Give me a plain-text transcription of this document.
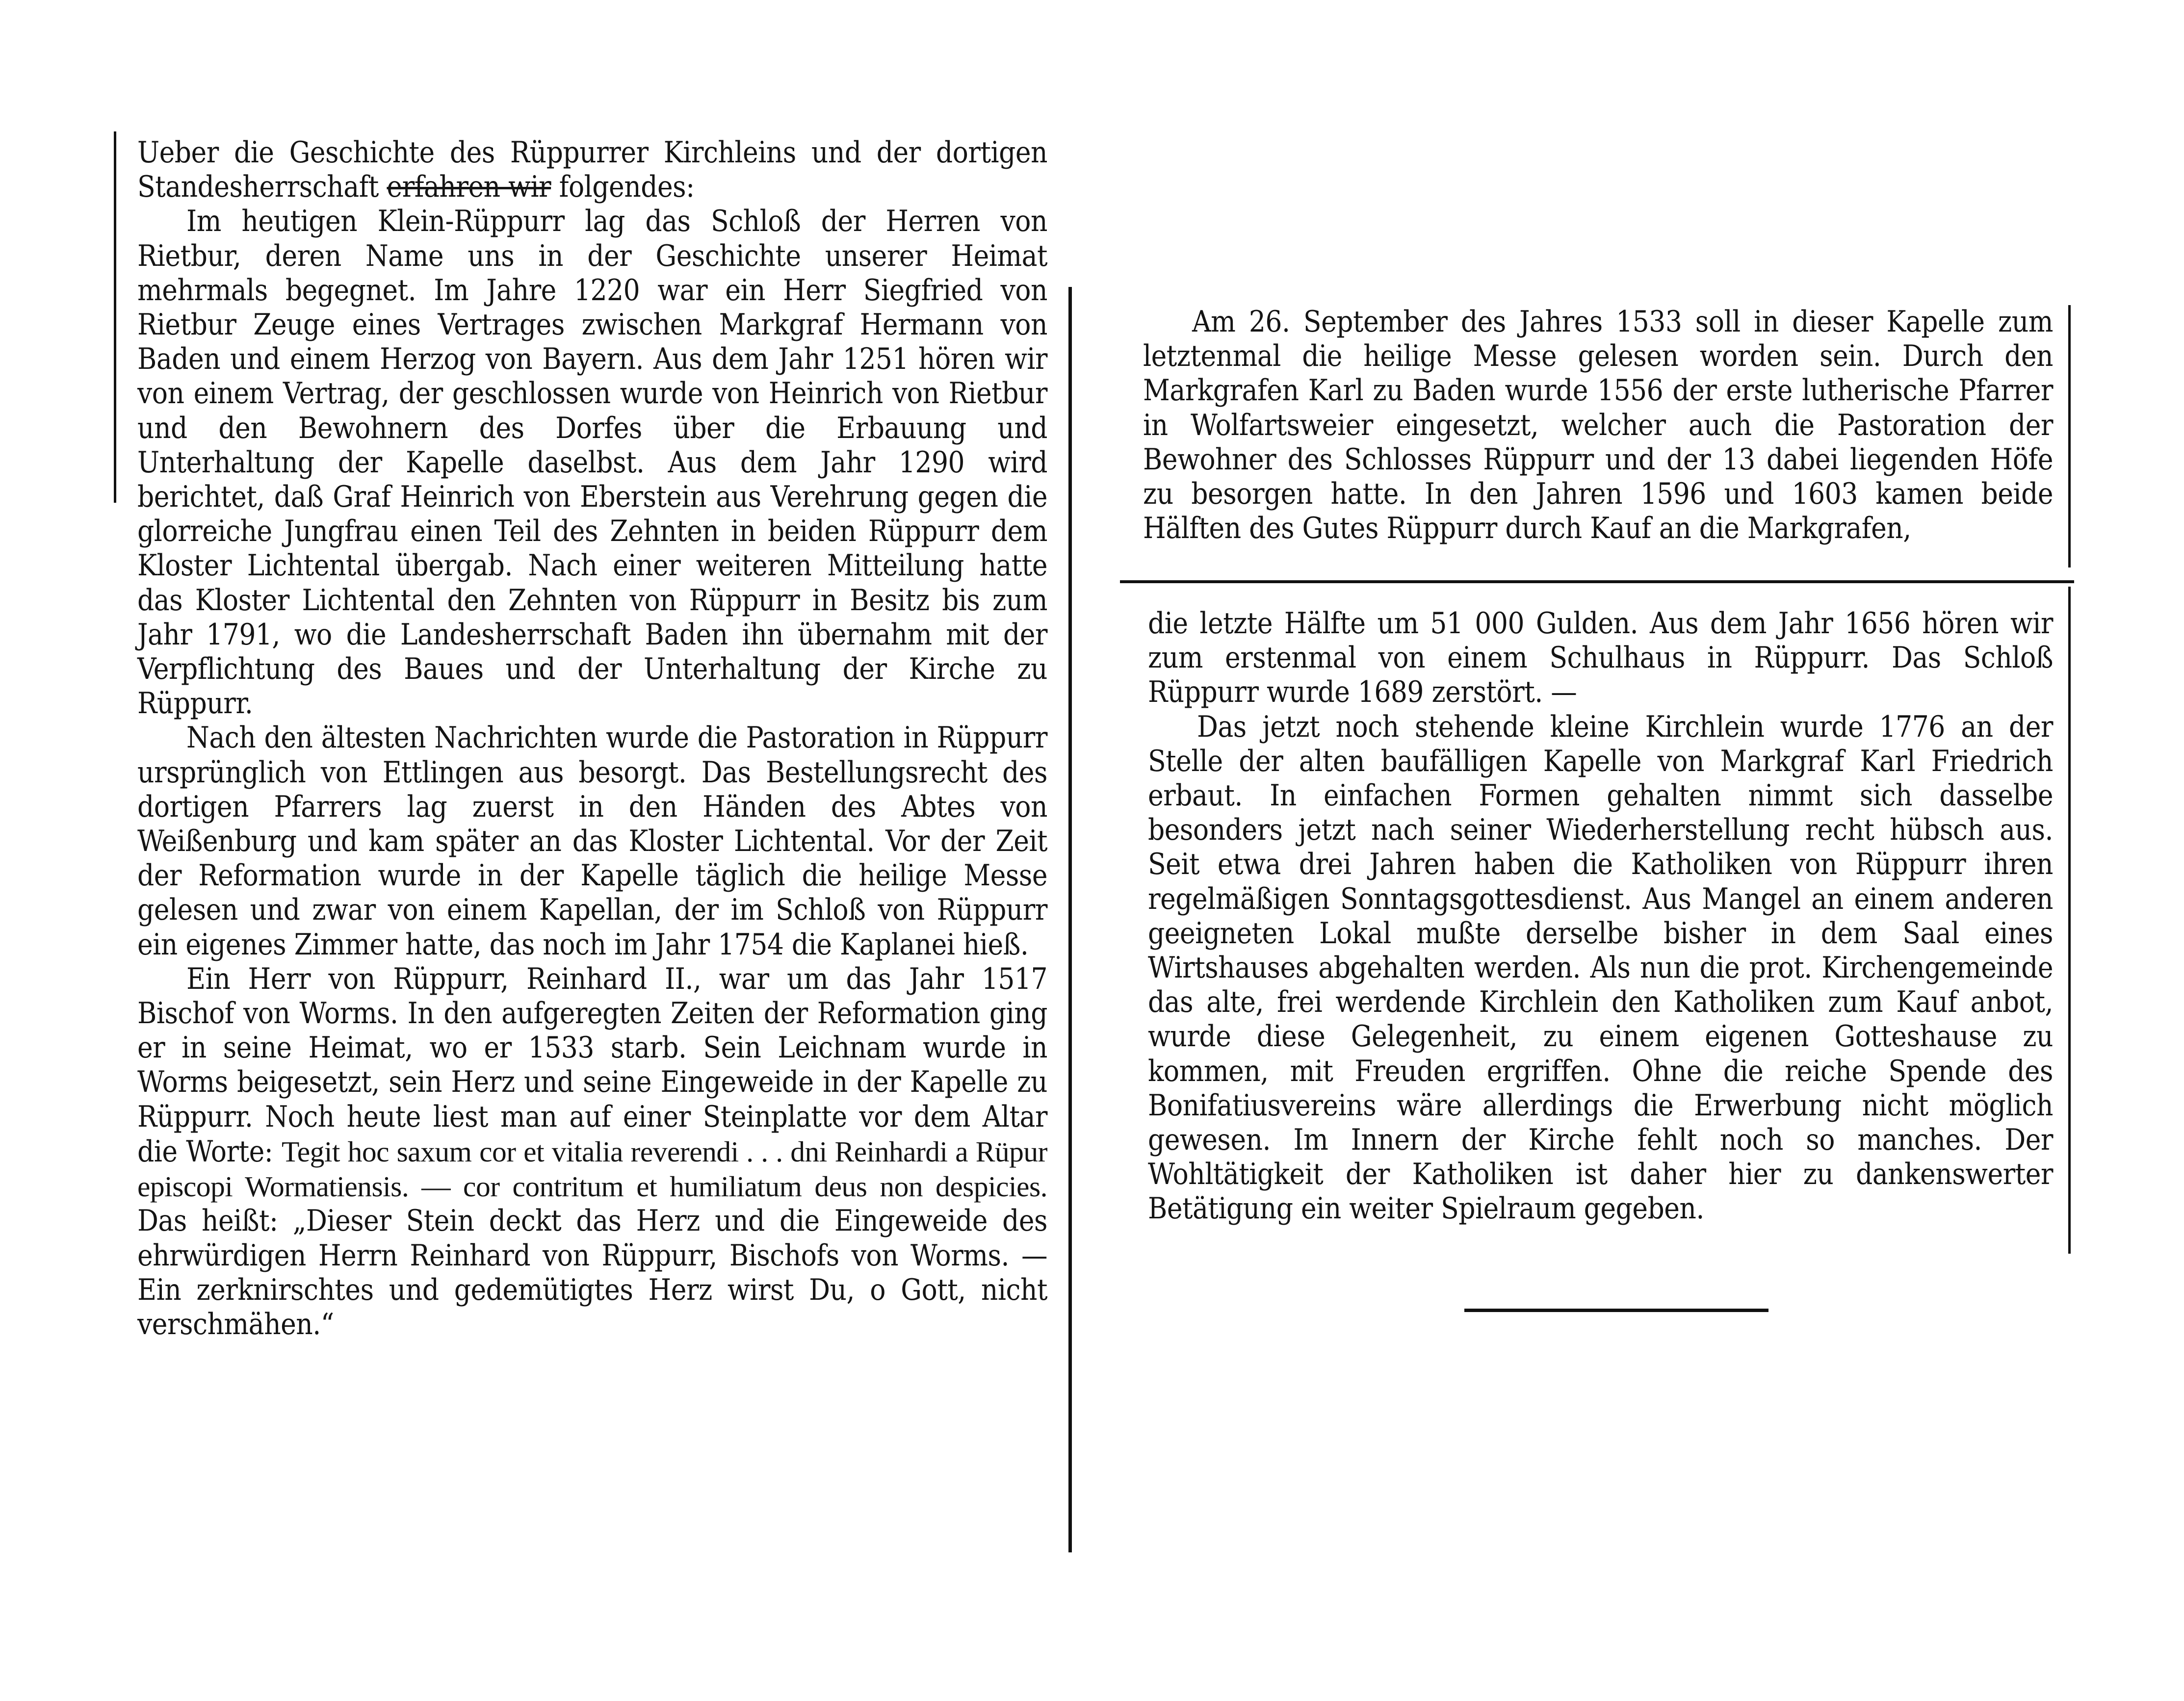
Ueber die Geschichte des Rüppurrer Kirchleins und der dortigen Standesherrschaft erfahren wir folgendes:

Im heutigen Klein-Rüppurr lag das Schloß der Herren von Rietbur, deren Name uns in der Geschichte unserer Heimat mehrmals begegnet. Im Jahre 1220 war ein Herr Siegfried von Rietbur Zeuge eines Vertrages zwischen Markgraf Hermann von Baden und einem Herzog von Bayern. Aus dem Jahr 1251 hören wir von einem Vertrag, der geschlossen wurde von Heinrich von Rietbur und den Bewohnern des Dorfes über die Erbauung und Unterhaltung der Kapelle daselbst. Aus dem Jahr 1290 wird berichtet, daß Graf Heinrich von Eberstein aus Verehrung gegen die glorreiche Jungfrau einen Teil des Zehnten in beiden Rüppurr dem Kloster Lichtental übergab. Nach einer weiteren Mitteilung hatte das Kloster Lichtental den Zehnten von Rüppurr in Besitz bis zum Jahr 1791, wo die Landesherrschaft Baden ihn übernahm mit der Verpflichtung des Baues und der Unterhaltung der Kirche zu Rüppurr.

Nach den ältesten Nachrichten wurde die Pastoration in Rüppurr ursprünglich von Ettlingen aus besorgt. Das Bestellungsrecht des dortigen Pfarrers lag zuerst in den Händen des Abtes von Weißenburg und kam später an das Kloster Lichtental. Vor der Zeit der Reformation wurde in der Kapelle täglich die heilige Messe gelesen und zwar von einem Kapellan, der im Schloß von Rüppurr ein eigenes Zimmer hatte, das noch im Jahr 1754 die Kaplanei hieß.

Ein Herr von Rüppurr, Reinhard II., war um das Jahr 1517 Bischof von Worms. In den aufgeregten Zeiten der Reformation ging er in seine Heimat, wo er 1533 starb. Sein Leichnam wurde in Worms beigesetzt, sein Herz und seine Eingeweide in der Kapelle zu Rüppurr. Noch heute liest man auf einer Steinplatte vor dem Altar die Worte: Tegit hoc saxum cor et vitalia reverendi . . . dni Reinhardi a Rüpur episcopi Wormatiensis. — cor contritum et humiliatum deus non despicies. Das heißt: „Dieser Stein deckt das Herz und die Eingeweide des ehrwürdigen Herrn Reinhard von Rüppurr, Bischofs von Worms. — Ein zerknirschtes und gedemütigtes Herz wirst Du, o Gott, nicht verschmähen.“

Am 26. September des Jahres 1533 soll in dieser Kapelle zum letztenmal die heilige Messe gelesen worden sein. Durch den Markgrafen Karl zu Baden wurde 1556 der erste lutherische Pfarrer in Wolfartsweier eingesetzt, welcher auch die Pastoration der Bewohner des Schlosses Rüppurr und der 13 dabei liegenden Höfe zu besorgen hatte. In den Jahren 1596 und 1603 kamen beide Hälften des Gutes Rüppurr durch Kauf an die Markgrafen,

die letzte Hälfte um 51 000 Gulden. Aus dem Jahr 1656 hören wir zum erstenmal von einem Schulhaus in Rüppurr. Das Schloß Rüppurr wurde 1689 zerstört. —

Das jetzt noch stehende kleine Kirchlein wurde 1776 an der Stelle der alten baufälligen Kapelle von Markgraf Karl Friedrich erbaut. In einfachen Formen gehalten nimmt sich dasselbe besonders jetzt nach seiner Wiederherstellung recht hübsch aus. Seit etwa drei Jahren haben die Katholiken von Rüppurr ihren regelmäßigen Sonntagsgottesdienst. Aus Mangel an einem anderen geeigneten Lokal mußte derselbe bisher in dem Saal eines Wirtshauses abgehalten werden. Als nun die prot. Kirchengemeinde das alte, frei werdende Kirchlein den Katholiken zum Kauf anbot, wurde diese Gelegenheit, zu einem eigenen Gotteshause zu kommen, mit Freuden ergriffen. Ohne die reiche Spende des Bonifatiusvereins wäre allerdings die Erwerbung nicht möglich gewesen. Im Innern der Kirche fehlt noch so manches. Der Wohltätigkeit der Katholiken ist daher hier zu dankenswerter Betätigung ein weiter Spielraum gegeben.
